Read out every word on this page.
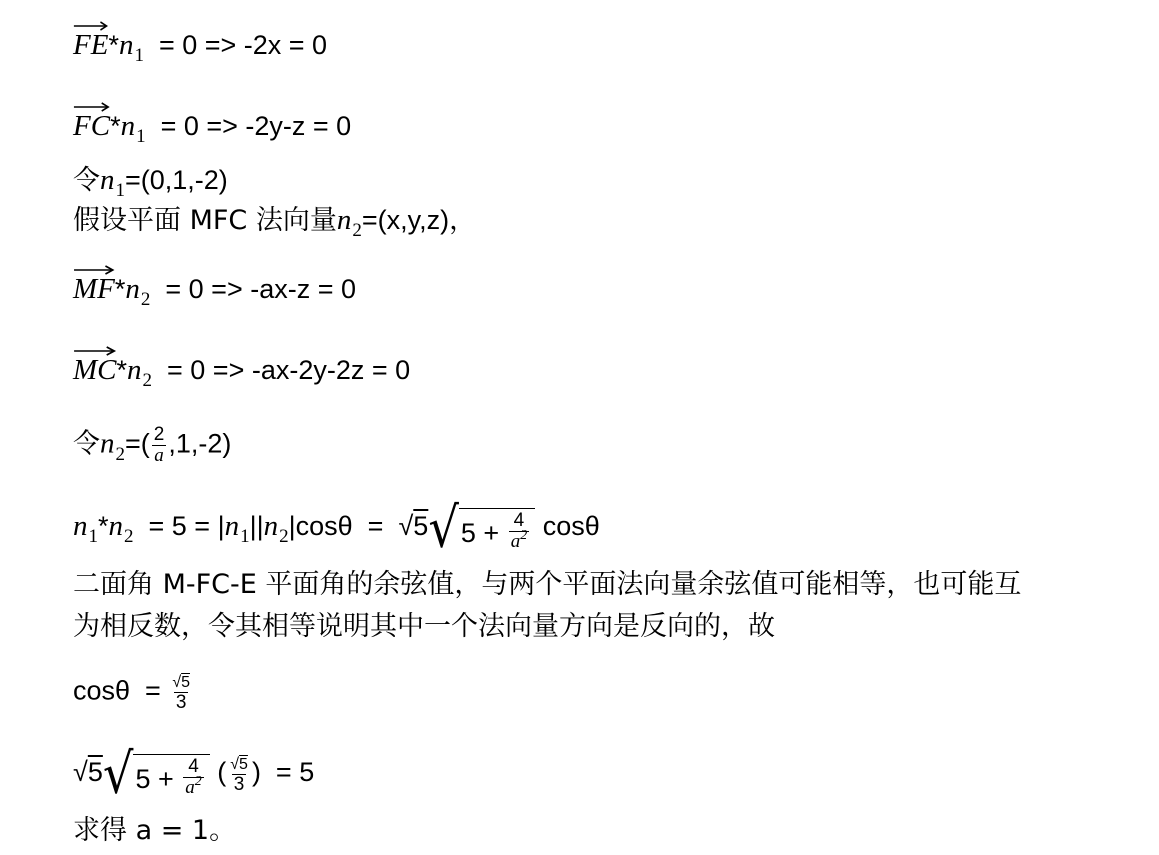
$FE*n_1 = 0 => -2x = 0$
$FC*n_1 = 0 => -2y-z = 0$
令$n_1=(0,1,-2)$
假设平面 MFC 法向量$n_2=(x,y,z)$，
$MF*n_2 = 0 => -ax-z = 0$
$MC*n_2 = 0 => -ax-2y-2z = 0$
令$n_2=( \frac{2}{a} ,1,-2)$
$n_1*n_2 = 5 = |n_1||n_2|\cos\theta = √5$ √ $5 + \frac{4}{a^2}$ cosθ
二面角 M-FC-E 平面角的余弦值，与两个平面法向量余弦值可能相等，也可能互
为相反数，令其相等说明其中一个法向量方向是反向的，故
$\cos\theta = \frac{√5}{3}$
√5 √ $5 + \frac{4}{a^2}$ ( $\frac{√5}{3}$ )  = 5
求得 a = 1。
